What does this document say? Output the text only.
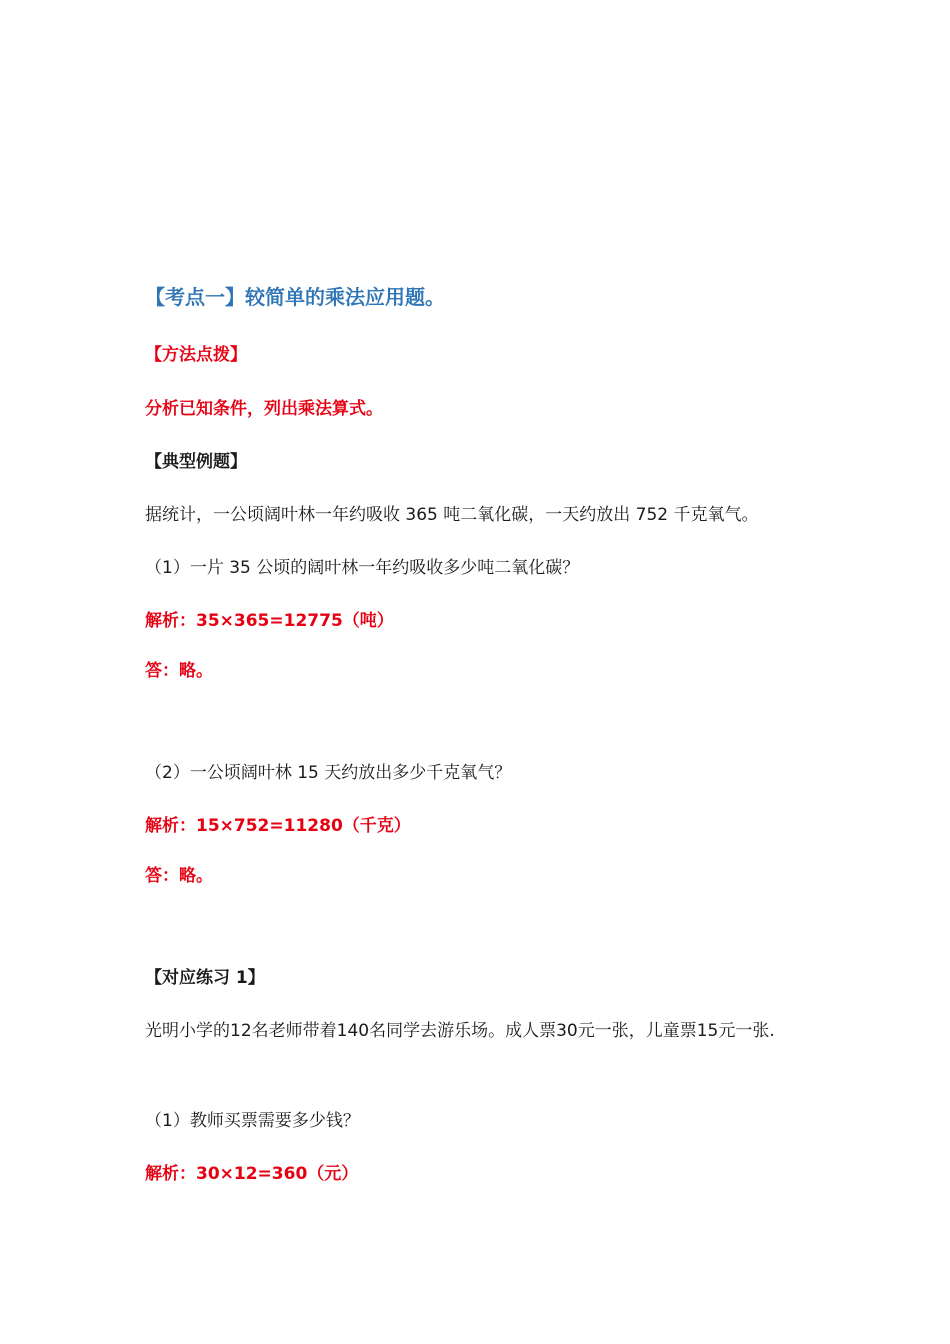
【考点一】较简单的乘法应用题。
【方法点拨】
分析已知条件，列出乘法算式。
【典型例题】
据统计，一公顷阔叶林一年约吸收 365 吨二氧化碳，一天约放出 752 千克氧气。
（1）一片 35 公顷的阔叶林一年约吸收多少吨二氧化碳？
解析：35×365=12775（吨）
答：略。
（2）一公顷阔叶林 15 天约放出多少千克氧气？
解析：15×752=11280（千克）
答：略。
【对应练习 1】
光明小学的12名老师带着140名同学去游乐场。成人票30元一张，儿童票15元一张.
（1）教师买票需要多少钱？
解析：30×12=360（元）
